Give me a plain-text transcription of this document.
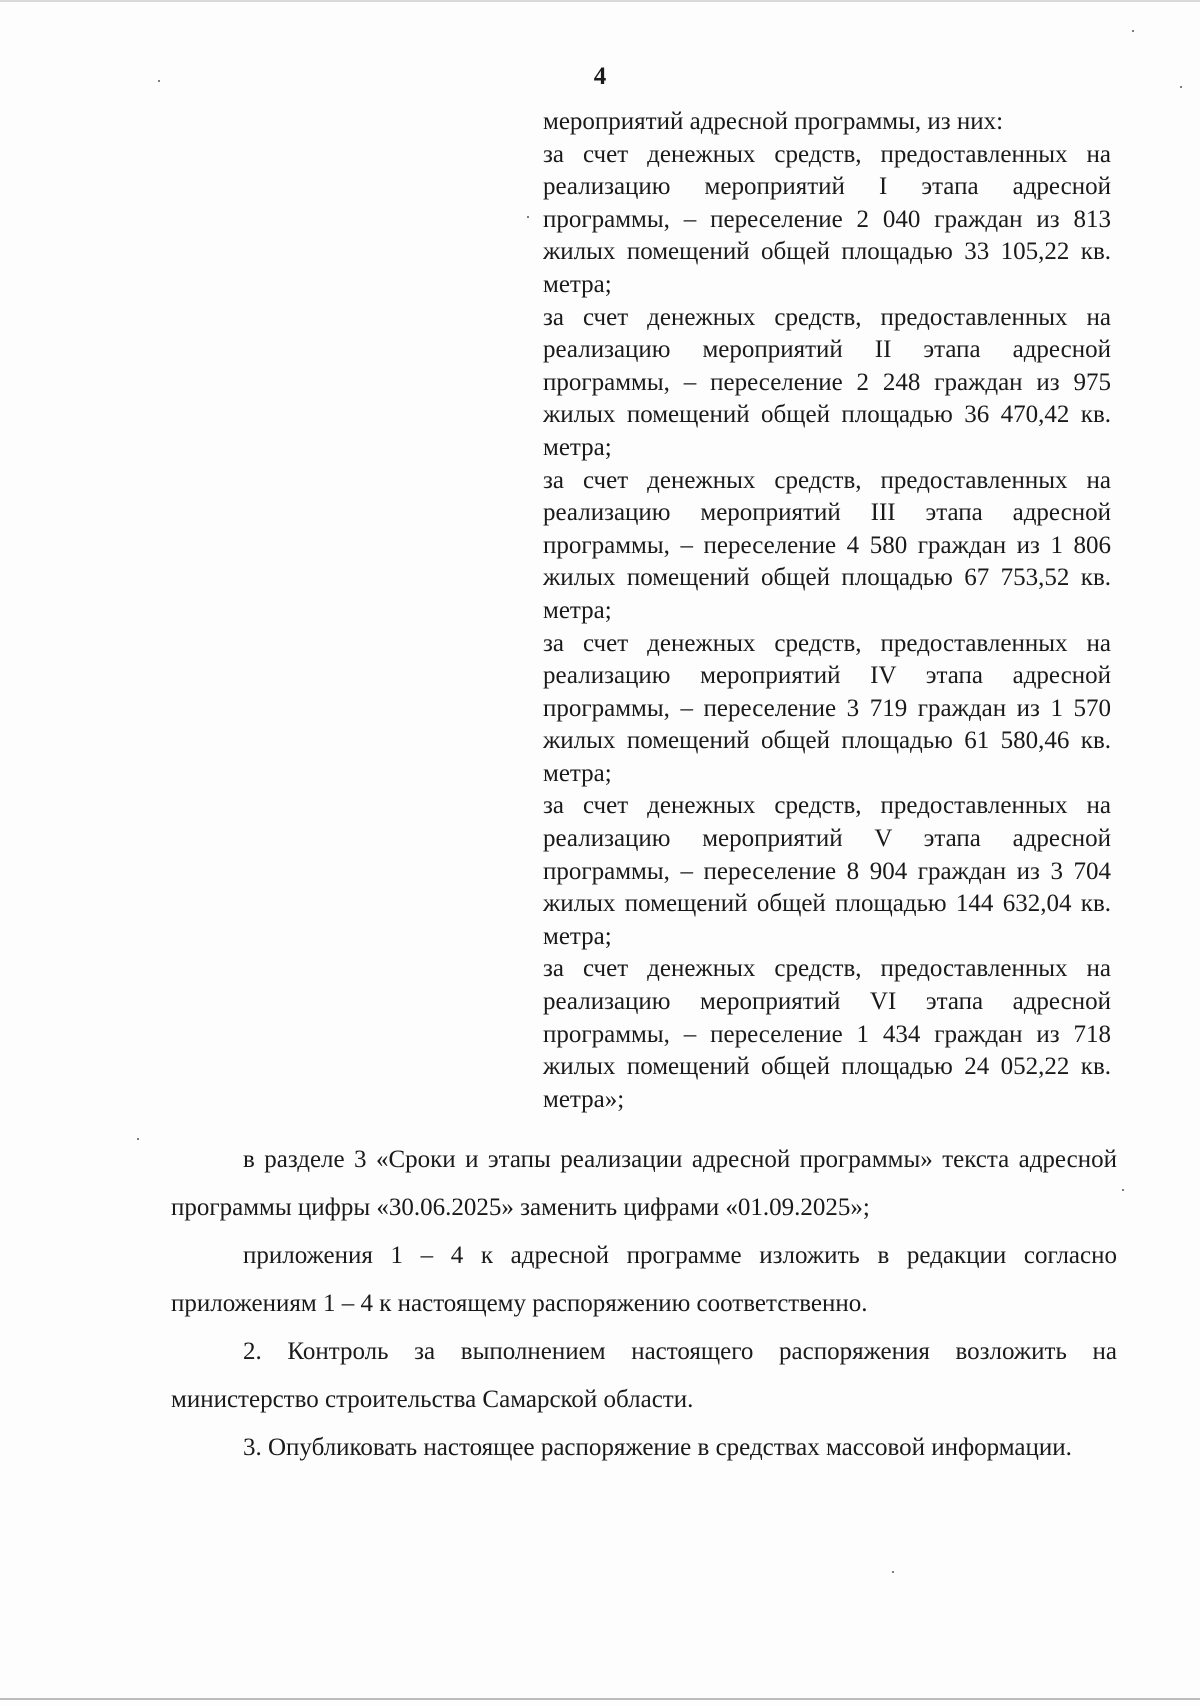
4

мероприятий адресной программы, из них:

за счет денежных средств, предоставленных на реализацию мероприятий I этапа адресной программы, – переселение 2 040 граждан из 813 жилых помещений общей площадью 33 105,22 кв. метра;

за счет денежных средств, предоставленных на реализацию мероприятий II этапа адресной программы, – переселение 2 248 граждан из 975 жилых помещений общей площадью 36 470,42 кв. метра;

за счет денежных средств, предоставленных на реализацию мероприятий III этапа адресной программы, – переселение 4 580 граждан из 1 806 жилых помещений общей площадью 67 753,52 кв. метра;

за счет денежных средств, предоставленных на реализацию мероприятий IV этапа адресной программы, – переселение 3 719 граждан из 1 570 жилых помещений общей площадью 61 580,46 кв. метра;

за счет денежных средств, предоставленных на реализацию мероприятий V этапа адресной программы, – переселение 8 904 граждан из 3 704 жилых помещений общей площадью 144 632,04 кв. метра;

за счет денежных средств, предоставленных на реализацию мероприятий VI этапа адресной программы, – переселение 1 434 граждан из 718 жилых помещений общей площадью 24 052,22 кв. метра»;

в разделе 3 «Сроки и этапы реализации адресной программы» текста адресной программы цифры «30.06.2025» заменить цифрами «01.09.2025»;

приложения 1 – 4 к адресной программе изложить в редакции согласно приложениям 1 – 4 к настоящему распоряжению соответственно.

2. Контроль за выполнением настоящего распоряжения возложить на министерство строительства Самарской области.

3. Опубликовать настоящее распоряжение в средствах массовой информации.
